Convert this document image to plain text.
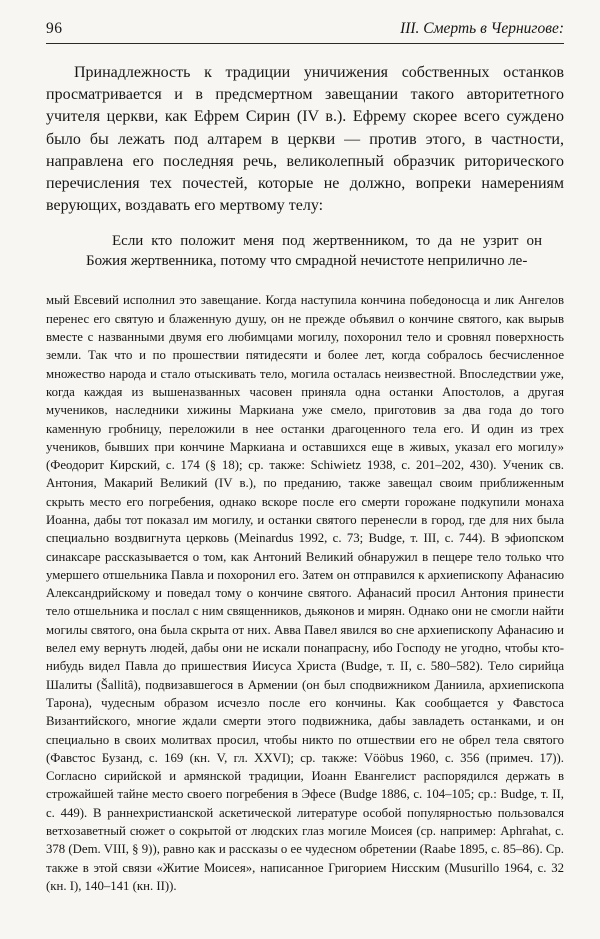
96	III. Смерть в Чернигове:

Принадлежность к традиции уничижения собственных останков просматривается и в предсмертном завещании такого авторитетного учителя церкви, как Ефрем Сирин (IV в.). Ефрему скорее всего суждено было бы лежать под алтарем в церкви — против этого, в частности, направлена его последняя речь, великолепный образчик риторического перечисления тех почестей, которые не должно, вопреки намерениям верующих, воздавать его мертвому телу:

Если кто положит меня под жертвенником, то да не узрит он Божия жертвенника, потому что смрадной нечистоте неприлично ле-

мый Евсевий исполнил это завещание. Когда наступила кончина победоносца и лик Ангелов перенес его святую и блаженную душу, он не прежде объявил о кончине святого, как вырыв вместе с названными двумя его любимцами могилу, похоронил тело и сровнял поверхность земли. Так что и по прошествии пятидесяти и более лет, когда собралось бесчисленное множество народа и стало отыскивать тело, могила осталась неизвестной. Впоследствии уже, когда каждая из вышеназванных часовен приняла одна останки Апостолов, а другая мучеников, наследники хижины Маркиана уже смело, приготовив за два года до того каменную гробницу, переложили в нее останки драгоценного тела его. И один из трех учеников, бывших при кончине Маркиана и оставшихся еще в живых, указал его могилу» (Феодорит Кирский, с. 174 (§ 18); ср. также: Schiwietz 1938, с. 201–202, 430). Ученик св. Антония, Макарий Великий (IV в.), по преданию, также завещал своим приближенным скрыть место его погребения, однако вскоре после его смерти горожане подкупили монаха Иоанна, дабы тот показал им могилу, и останки святого перенесли в город, где для них была специально воздвигнута церковь (Meinardus 1992, с. 73; Budge, т. III, с. 744). В эфиопском синаксаре рассказывается о том, как Антоний Великий обнаружил в пещере тело только что умершего отшельника Павла и похоронил его. Затем он отправился к архиепископу Афанасию Александрийскому и поведал тому о кончине святого. Афанасий просил Антония принести тело отшельника и послал с ним священников, дьяконов и мирян. Однако они не смогли найти могилы святого, она была скрыта от них. Авва Павел явился во сне архиепископу Афанасию и велел ему вернуть людей, дабы они не искали понапрасну, ибо Господу не угодно, чтобы кто-нибудь видел Павла до пришествия Иисуса Христа (Budge, т. II, с. 580–582). Тело сирийца Шалиты (Šallitâ), подвизавшегося в Армении (он был сподвижником Даниила, архиепископа Тарона), чудесным образом исчезло после его кончины. Как сообщается у Фавстоса Византийского, многие ждали смерти этого подвижника, дабы завладеть останками, и он специально в своих молитвах просил, чтобы никто по отшествии его не обрел тела святого (Фавстос Бузанд, с. 169 (кн. V, гл. XXVI); ср. также: Vööbus 1960, с. 356 (примеч. 17)). Согласно сирийской и армянской традиции, Иоанн Евангелист распорядился держать в строжайшей тайне место своего погребения в Эфесе (Budge 1886, с. 104–105; ср.: Budge, т. II, с. 449). В раннехристианской аскетической литературе особой популярностью пользовался ветхозаветный сюжет о сокрытой от людских глаз могиле Моисея (ср. например: Aphrahat, с. 378 (Dem. VIII, § 9)), равно как и рассказы о ее чудесном обретении (Raabe 1895, с. 85–86). Ср. также в этой связи «Житие Моисея», написанное Григорием Нисским (Musurillo 1964, с. 32 (кн. I), 140–141 (кн. II)).
